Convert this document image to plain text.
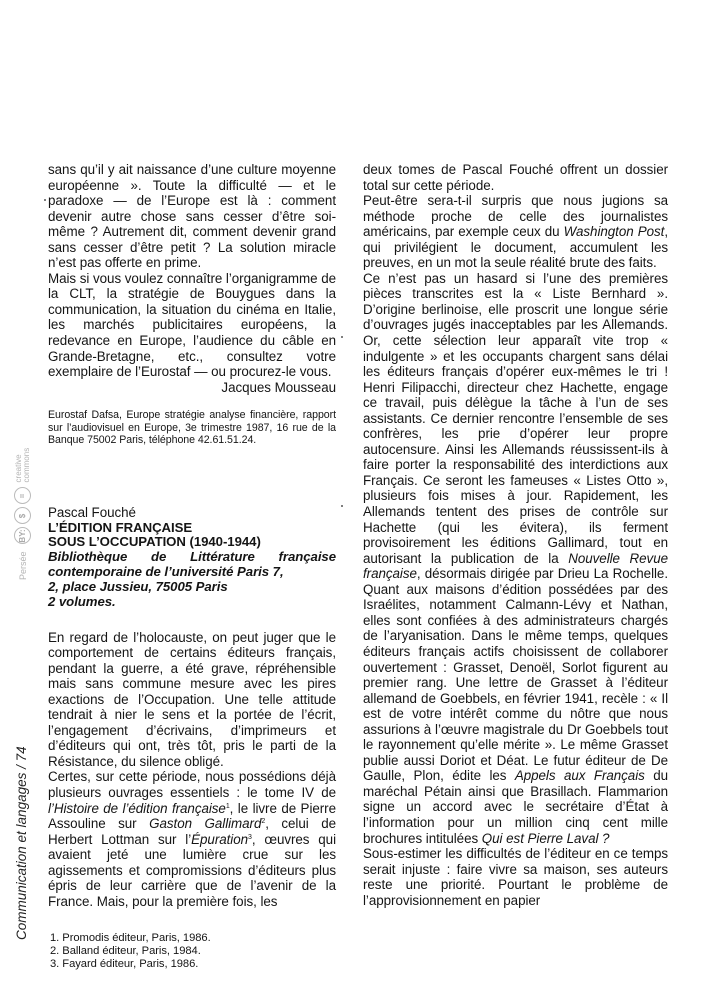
Persée
BY:
$
=
creative
commons
Communication et langages / 74

sans qu’il y ait naissance d’une culture moyenne européenne ». Toute la difficulté — et le paradoxe — de l’Europe est là : comment devenir autre chose sans cesser d’être soi-même ? Autrement dit, comment devenir grand sans cesser d’être petit ? La solution miracle n’est pas offerte en prime.

Mais si vous voulez connaître l’organigramme de la CLT, la stratégie de Bouygues dans la communication, la situation du cinéma en Italie, les marchés publicitaires européens, la redevance en Europe, l’audience du câble en Grande-Bretagne, etc., consultez votre exemplaire de l’Eurostaf — ou procurez-le vous.

Jacques Mousseau

Eurostaf Dafsa, Europe stratégie analyse financière, rapport sur l’audiovisuel en Europe, 3e trimestre 1987, 16 rue de la Banque 75002 Paris, téléphone 42.61.51.24.

Pascal Fouché
L’ÉDITION FRANÇAISE
SOUS L’OCCUPATION (1940-1944)
Bibliothèque de Littérature française contemporaine de l’université Paris 7,
2, place Jussieu, 75005 Paris
2 volumes.

En regard de l’holocauste, on peut juger que le comportement de certains éditeurs français, pendant la guerre, a été grave, répréhensible mais sans commune mesure avec les pires exactions de l’Occupation. Une telle attitude tendrait à nier le sens et la portée de l’écrit, l’engagement d’écrivains, d’imprimeurs et d’éditeurs qui ont, très tôt, pris le parti de la Résistance, du silence obligé.

Certes, sur cette période, nous possédions déjà plusieurs ouvrages essentiels : le tome IV de l’Histoire de l’édition française$^1$, le livre de Pierre Assouline sur Gaston Gallimard$^2$, celui de Herbert Lottman sur l’Épuration$^3$, œuvres qui avaient jeté une lumière crue sur les agissements et compromissions d’éditeurs plus épris de leur carrière que de l’avenir de la France. Mais, pour la première fois, les

1. Promodis éditeur, Paris, 1986.
2. Balland éditeur, Paris, 1984.
3. Fayard éditeur, Paris, 1986.

deux tomes de Pascal Fouché offrent un dossier total sur cette période.

Peut-être sera-t-il surpris que nous jugions sa méthode proche de celle des journalistes américains, par exemple ceux du Washington Post, qui privilégient le document, accumulent les preuves, en un mot la seule réalité brute des faits.

Ce n’est pas un hasard si l’une des premières pièces transcrites est la « Liste Bernhard ». D’origine berlinoise, elle proscrit une longue série d’ouvrages jugés inacceptables par les Allemands. Or, cette sélection leur apparaît vite trop « indulgente » et les occupants chargent sans délai les éditeurs français d’opérer eux-mêmes le tri ! Henri Filipacchi, directeur chez Hachette, engage ce travail, puis délègue la tâche à l’un de ses assistants. Ce dernier rencontre l’ensemble de ses confrères, les prie d’opérer leur propre autocensure. Ainsi les Allemands réussissent-ils à faire porter la responsabilité des interdictions aux Français. Ce seront les fameuses « Listes Otto », plusieurs fois mises à jour. Rapidement, les Allemands tentent des prises de contrôle sur Hachette (qui les évitera), ils ferment provisoirement les éditions Gallimard, tout en autorisant la publication de la Nouvelle Revue française, désormais dirigée par Drieu La Rochelle. Quant aux maisons d’édition possédées par des Israélites, notamment Calmann-Lévy et Nathan, elles sont confiées à des administrateurs chargés de l’aryanisation. Dans le même temps, quelques éditeurs français actifs choisissent de collaborer ouvertement : Grasset, Denoël, Sorlot figurent au premier rang. Une lettre de Grasset à l’éditeur allemand de Goebbels, en février 1941, recèle : « Il est de votre intérêt comme du nôtre que nous assurions à l’œuvre magistrale du Dr Goebbels tout le rayonnement qu’elle mérite ». Le même Grasset publie aussi Doriot et Déat. Le futur éditeur de De Gaulle, Plon, édite les Appels aux Français du maréchal Pétain ainsi que Brasillach. Flammarion signe un accord avec le secrétaire d’État à l’information pour un million cinq cent mille brochures intitulées Qui est Pierre Laval ?

Sous-estimer les difficultés de l’éditeur en ce temps serait injuste : faire vivre sa maison, ses auteurs reste une priorité. Pourtant le problème de l’approvisionnement en papier
